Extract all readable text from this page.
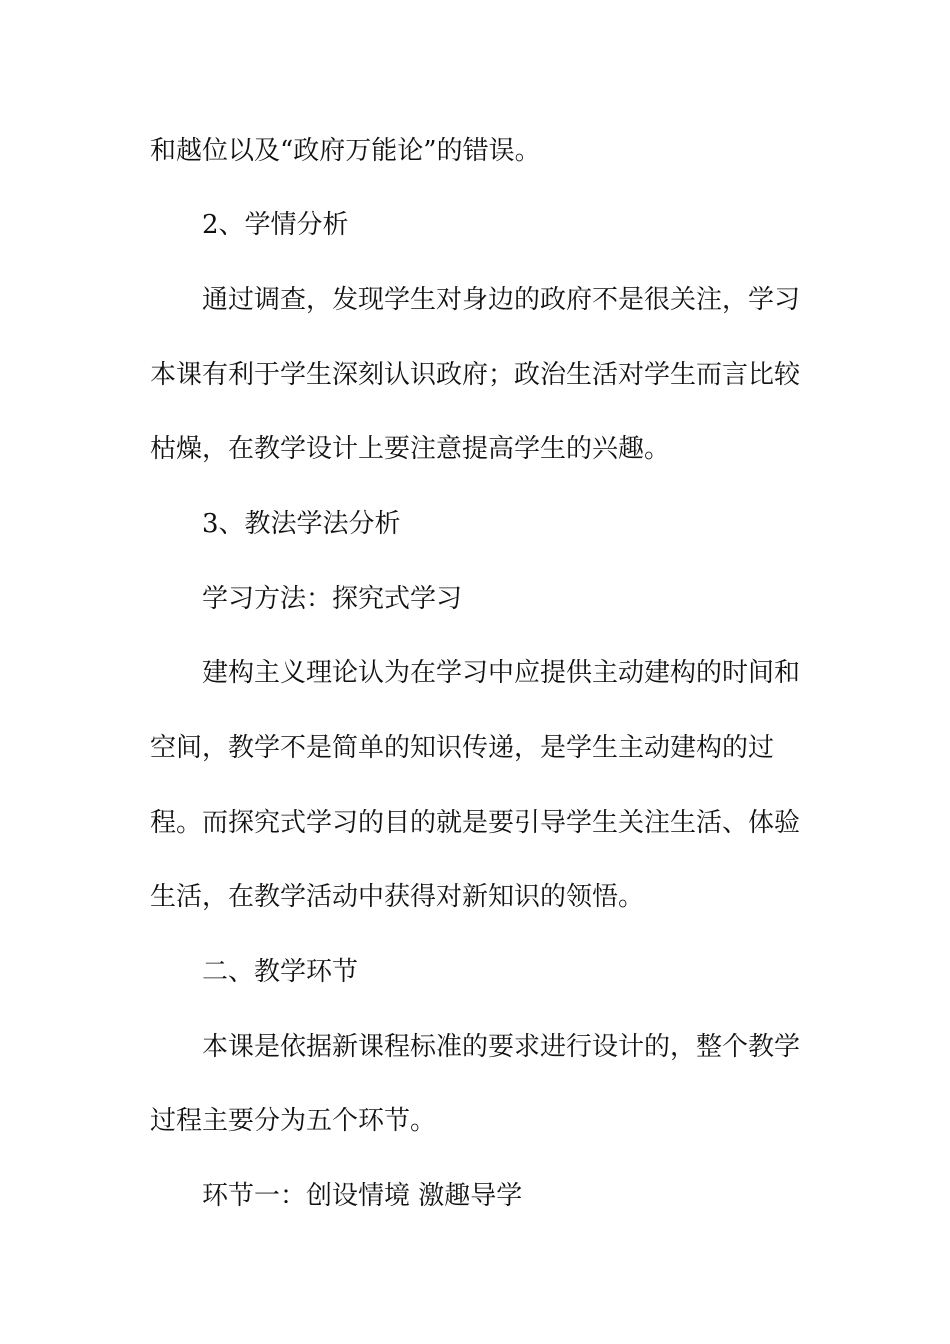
和越位以及“政府万能论”的错误。
2、学情分析
通过调查，发现学生对身边的政府不是很关注，学习
本课有利于学生深刻认识政府；政治生活对学生而言比较
枯燥，在教学设计上要注意提高学生的兴趣。
3、教法学法分析
学习方法：探究式学习
建构主义理论认为在学习中应提供主动建构的时间和
空间，教学不是简单的知识传递，是学生主动建构的过
程。而探究式学习的目的就是要引导学生关注生活、体验
生活，在教学活动中获得对新知识的领悟。
二、教学环节
本课是依据新课程标准的要求进行设计的，整个教学
过程主要分为五个环节。
环节一：创设情境 激趣导学
